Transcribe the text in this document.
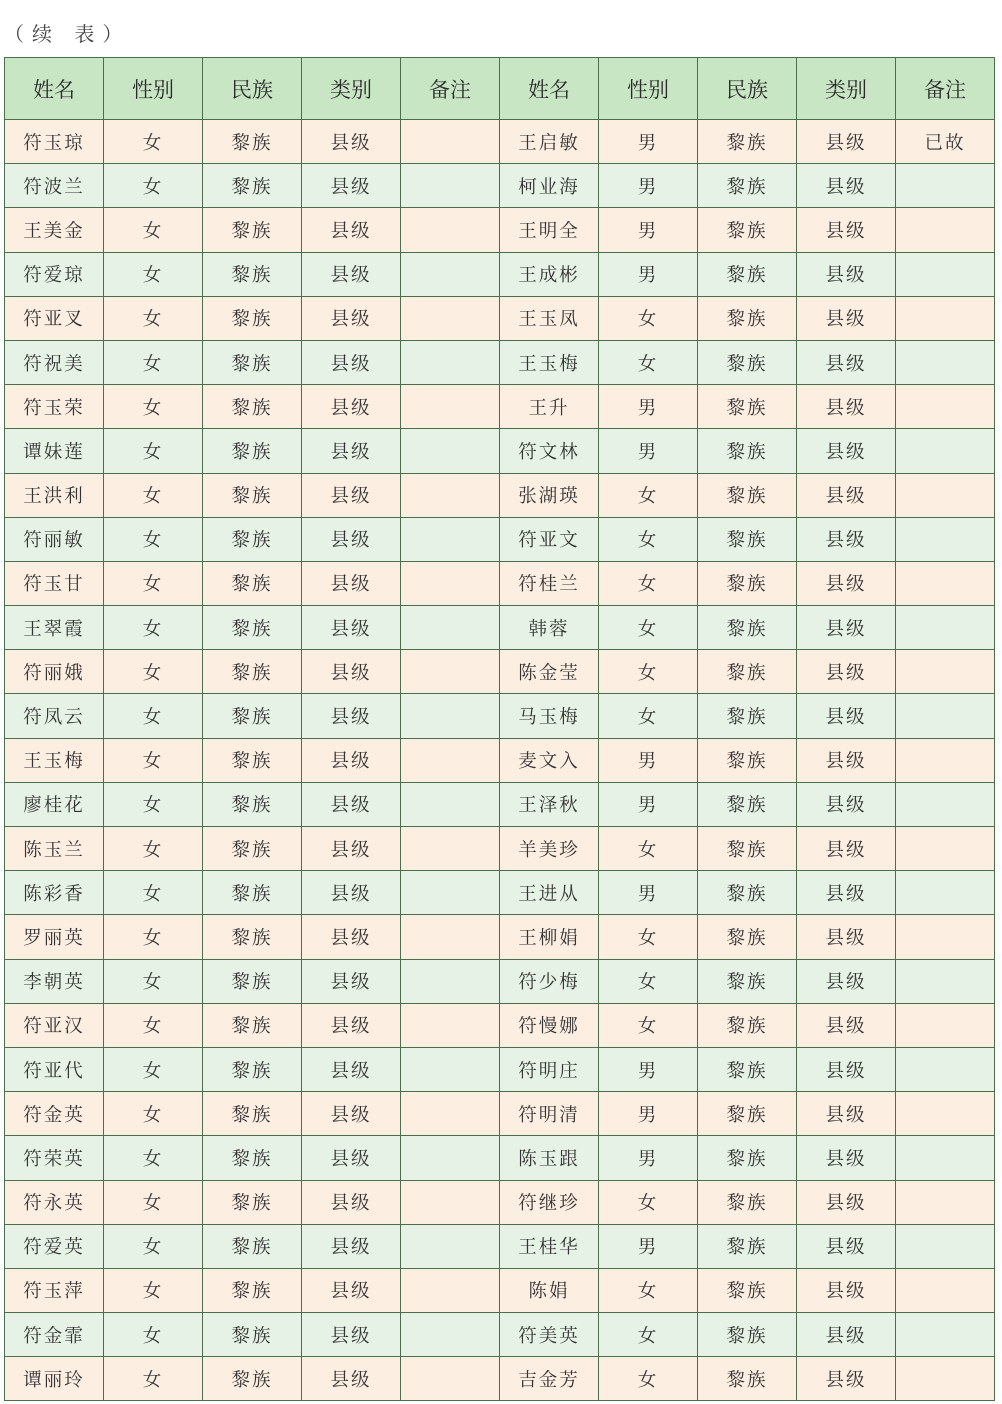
（续 表）
姓名	性别	民族	类别	备注	姓名	性别	民族	类别	备注
符玉琼	女	黎族	县级		王启敏	男	黎族	县级	已故
符波兰	女	黎族	县级		柯业海	男	黎族	县级	
王美金	女	黎族	县级		王明全	男	黎族	县级	
符爱琼	女	黎族	县级		王成彬	男	黎族	县级	
符亚叉	女	黎族	县级		王玉凤	女	黎族	县级	
符祝美	女	黎族	县级		王玉梅	女	黎族	县级	
符玉荣	女	黎族	县级		王升	男	黎族	县级	
谭妹莲	女	黎族	县级		符文林	男	黎族	县级	
王洪利	女	黎族	县级		张湖瑛	女	黎族	县级	
符丽敏	女	黎族	县级		符亚文	女	黎族	县级	
符玉甘	女	黎族	县级		符桂兰	女	黎族	县级	
王翠霞	女	黎族	县级		韩蓉	女	黎族	县级	
符丽娥	女	黎族	县级		陈金莹	女	黎族	县级	
符凤云	女	黎族	县级		马玉梅	女	黎族	县级	
王玉梅	女	黎族	县级		麦文入	男	黎族	县级	
廖桂花	女	黎族	县级		王泽秋	男	黎族	县级	
陈玉兰	女	黎族	县级		羊美珍	女	黎族	县级	
陈彩香	女	黎族	县级		王进从	男	黎族	县级	
罗丽英	女	黎族	县级		王柳娟	女	黎族	县级	
李朝英	女	黎族	县级		符少梅	女	黎族	县级	
符亚汉	女	黎族	县级		符慢娜	女	黎族	县级	
符亚代	女	黎族	县级		符明庄	男	黎族	县级	
符金英	女	黎族	县级		符明清	男	黎族	县级	
符荣英	女	黎族	县级		陈玉跟	男	黎族	县级	
符永英	女	黎族	县级		符继珍	女	黎族	县级	
符爱英	女	黎族	县级		王桂华	男	黎族	县级	
符玉萍	女	黎族	县级		陈娟	女	黎族	县级	
符金霏	女	黎族	县级		符美英	女	黎族	县级	
谭丽玲	女	黎族	县级		吉金芳	女	黎族	县级	
